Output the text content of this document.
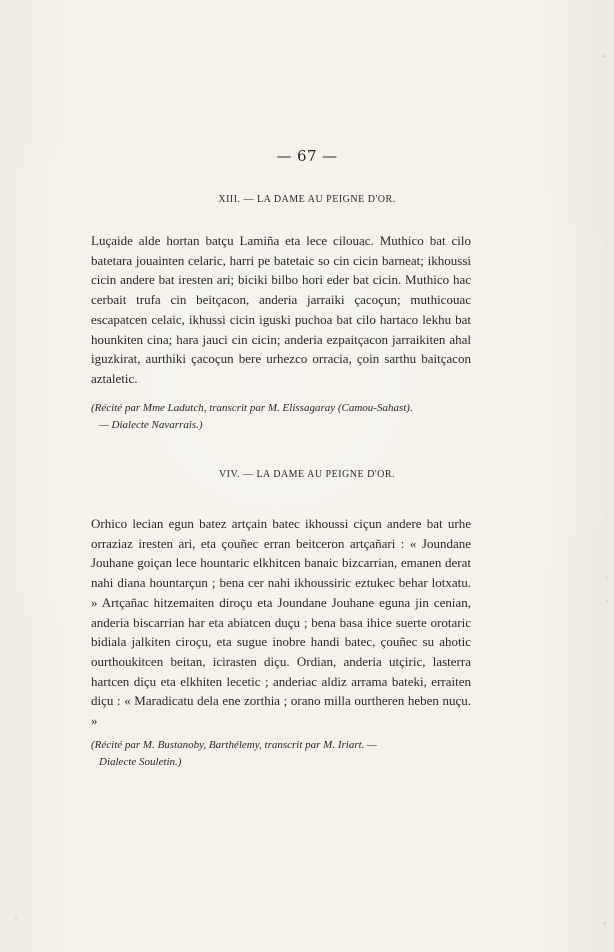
— 67 —
XIII. — LA DAME AU PEIGNE D'OR.

Luçaide alde hortan batçu Lamiña eta lece cilouac. Muthico bat cilo batetara jouainten celaric, harri pe batetaic so cin cicin barneat; ikhoussi cicin andere bat iresten ari; biciki bilbo hori eder bat cicin. Muthico hac cerbait trufa cin beitçacon, anderia jarraiki çacoçun; muthicouac escapatcen celaic, ikhussi cicin iguski puchoa bat cilo hartaco lekhu bat hounkiten cina; hara jauci cin cicin; anderia ezpaitçacon jarraikiten ahal iguzkirat, aurthiki çacoçun bere urhezco orracia, çoin sarthu baitçacon aztaletic.

(Récité par Mme Ladutch, transcrit par M. Elissagaray (Camou-Sahast).
— Dialecte Navarrais.)
VIV. — LA DAME AU PEIGNE D'OR.

Orhico lecian egun batez artçain batec ikhoussi ciçun andere bat urhe orraziaz iresten ari, eta çouñec erran beitceron artçañari : « Joundane Jouhane goiçan lece hountaric elkhitcen banaic bizcarrian, emanen derat nahi diana hountarçun ; bena cer nahi ikhoussiric eztukec behar lotxatu. » Artçañac hitzemaiten diroçu eta Joundane Jouhane eguna jin cenian, anderia biscarrian har eta abiatcen duçu ; bena basa ihice suerte orotaric bidiala jalkiten ciroçu, eta sugue inobre handi batec, çouñec su ahotic ourthoukitcen beitan, icirasten diçu. Ordian, anderia utçiric, lasterra hartcen diçu eta elkhiten lecetic ; anderiac aldiz arrama bateki, erraiten diçu : « Maradicatu dela ene zorthia ; orano milla ourtheren heben nuçu. »

(Récité par M. Bustanoby, Barthélemy, transcrit par M. Iriart. —
Dialecte Souletin.)
